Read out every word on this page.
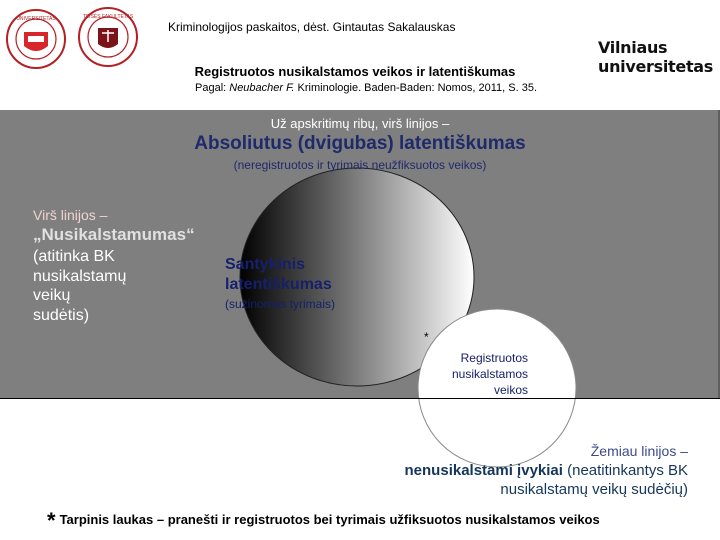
UNIVERSITETAS	TEISĖS FAKULTETAS
Kriminologijos paskaitos, dėst. Gintautas Sakalauskas
Registruotos nusikalstamos veikos ir latentiškumas
Pagal: Neubacher F. Kriminologie. Baden-Baden: Nomos, 2011, S. 35.
Vilniaus
universitetas
Už apskritimų ribų, virš linijos –
Absoliutus (dvigubas) latentiškumas
(neregistruotos ir tyrimais neužfiksuotos veikos)
Virš linijos –
„Nusikalstamumas“
(atitinka BK
nusikalstamų
veikų
sudėtis)
Santykinis
latentiškumas
(sužinomas tyrimais)
*
Registruotos
nusikalstamos
veikos
Žemiau linijos –
nenusikalstami įvykiai (neatitinkantys BK
nusikalstamų veikų sudėčių)
* Tarpinis laukas – pranešti ir registruotos bei tyrimais užfiksuotos nusikalstamos veikos
